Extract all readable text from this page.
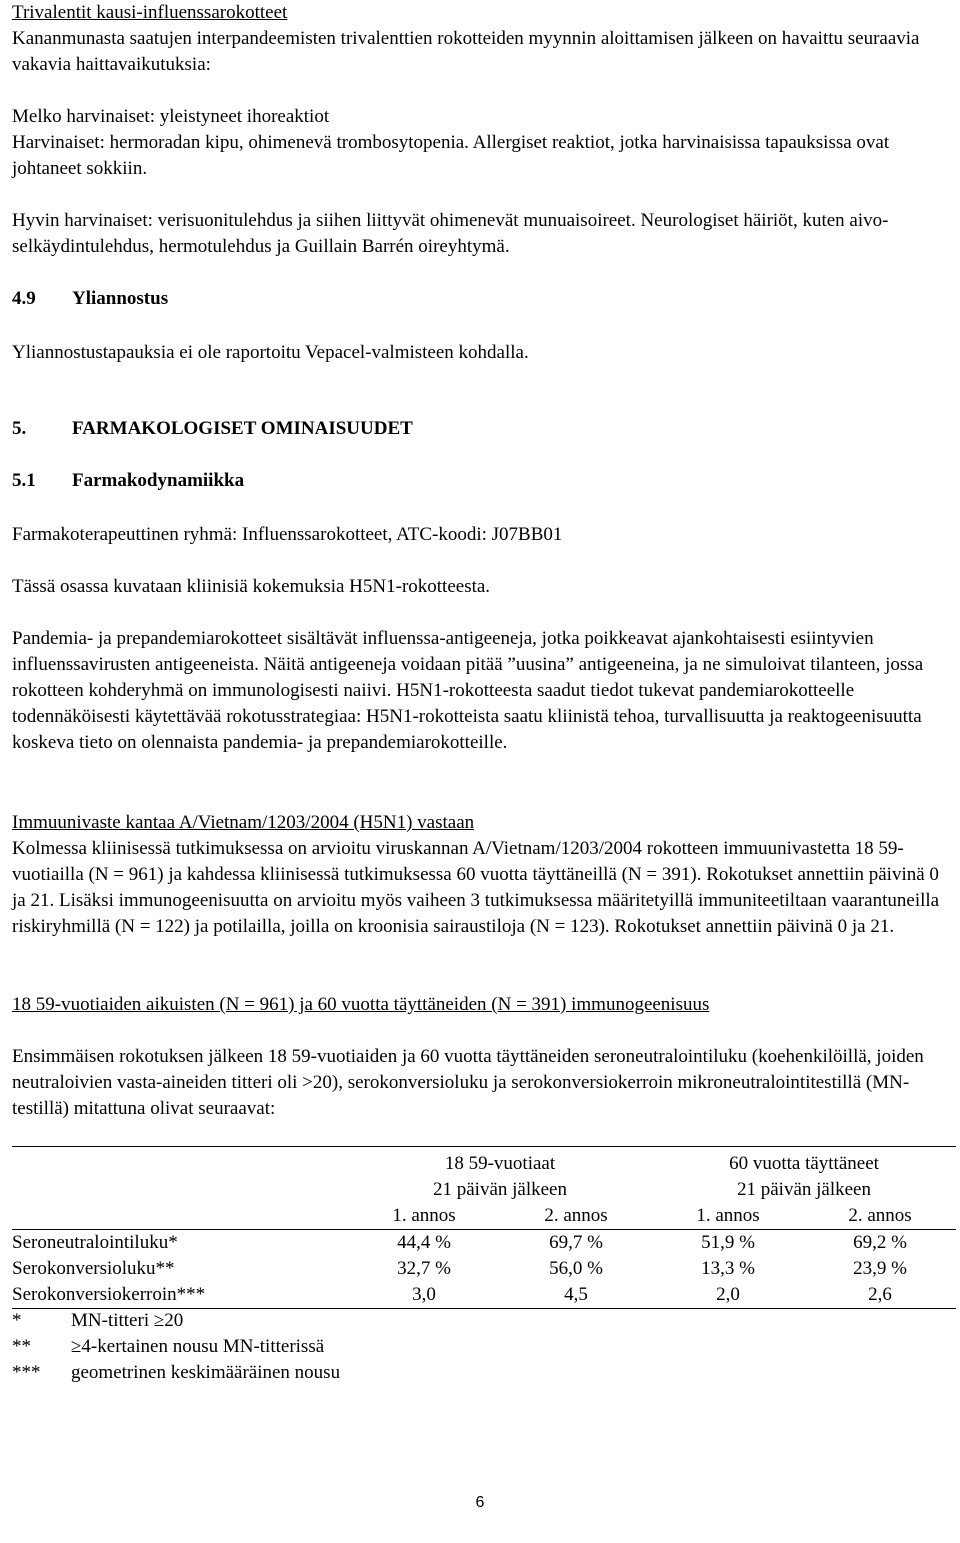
Trivalentit kausi-influenssarokotteet

Kananmunasta saatujen interpandeemisten trivalenttien rokotteiden myynnin aloittamisen jälkeen on havaittu seuraavia vakavia haittavaikutuksia:

Melko harvinaiset: yleistyneet ihoreaktiot

Harvinaiset: hermoradan kipu, ohimenevä trombosytopenia. Allergiset reaktiot, jotka harvinaisissa tapauksissa ovat johtaneet sokkiin.

Hyvin harvinaiset: verisuonitulehdus ja siihen liittyvät ohimenevät munuaisoireet. Neurologiset häiriöt, kuten aivo-selkäydintulehdus, hermotulehdus ja Guillain Barrén oireyhtymä.

4.9 Yliannostus

Yliannostustapauksia ei ole raportoitu Vepacel-valmisteen kohdalla.

5. FARMAKOLOGISET OMINAISUUDET

5.1 Farmakodynamiikka

Farmakoterapeuttinen ryhmä: Influenssarokotteet, ATC-koodi: J07BB01

Tässä osassa kuvataan kliinisiä kokemuksia H5N1-rokotteesta.

Pandemia- ja prepandemiarokotteet sisältävät influenssa-antigeeneja, jotka poikkeavat ajankohtaisesti esiintyvien influenssavirusten antigeeneista. Näitä antigeeneja voidaan pitää ”uusina” antigeeneina, ja ne simuloivat tilanteen, jossa rokotteen kohderyhmä on immunologisesti naiivi. H5N1-rokotteesta saadut tiedot tukevat pandemiarokotteelle todennäköisesti käytettävää rokotusstrategiaa: H5N1-rokotteista saatu kliinistä tehoa, turvallisuutta ja reaktogeenisuutta koskeva tieto on olennaista pandemia- ja prepandemiarokotteille.

Immuunivaste kantaa A/Vietnam/1203/2004 (H5N1) vastaan

Kolmessa kliinisessä tutkimuksessa on arvioitu viruskannan A/Vietnam/1203/2004 rokotteen immuunivastetta 18 59-vuotiailla (N = 961) ja kahdessa kliinisessä tutkimuksessa 60 vuotta täyttäneillä (N = 391). Rokotukset annettiin päivinä 0 ja 21. Lisäksi immunogeenisuutta on arvioitu myös vaiheen 3 tutkimuksessa määritetyillä immuniteetiltaan vaarantuneilla riskiryhmillä (N = 122) ja potilailla, joilla on kroonisia sairaustiloja (N = 123). Rokotukset annettiin päivinä 0 ja 21.

18 59-vuotiaiden aikuisten (N = 961) ja 60 vuotta täyttäneiden (N = 391) immunogeenisuus

Ensimmäisen rokotuksen jälkeen 18 59-vuotiaiden ja 60 vuotta täyttäneiden seroneutralointiluku (koehenkilöillä, joiden neutraloivien vasta-aineiden titteri oli >20), serokonversioluku ja serokonversiokerroin mikroneutralointitestillä (MN-testillä) mitattuna olivat seuraavat:

	18 59-vuotiaat		60 vuotta täyttäneet	
	21 päivän jälkeen		21 päivän jälkeen	
	1. annos	2. annos	1. annos	2. annos
Seroneutralointiluku*	44,4 %	69,7 %	51,9 %	69,2 %
Serokonversioluku**	32,7 %	56,0 %	13,3 %	23,9 %
Serokonversiokerroin***	3,0	4,5	2,0	2,6
*	MN-titteri ≥20
**	≥4-kertainen nousu MN-titterissä
***	geometrinen keskimääräinen nousu
6
